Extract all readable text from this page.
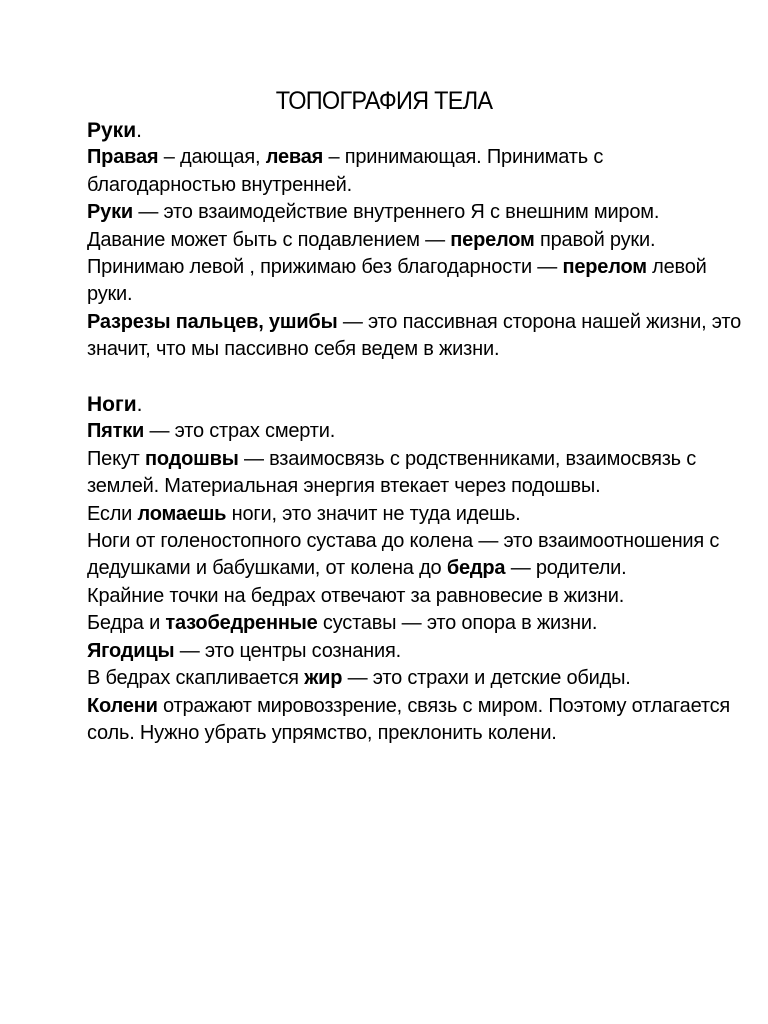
ТОПОГРАФИЯ ТЕЛА
Руки.

Правая – дающая, левая – принимающая. Принимать с благодарностью внутренней.

Руки — это взаимодействие внутреннего Я с внешним миром.

Давание может быть с подавлением — перелом правой руки.

Принимаю левой , прижимаю без благодарности — перелом левой руки.

Разрезы пальцев, ушибы — это пассивная сторона нашей жизни, это значит, что мы пассивно себя ведем в жизни.

Ноги.

Пятки — это страх смерти.

Пекут подошвы — взаимосвязь с родственниками, взаимосвязь с землей. Материальная энергия втекает через подошвы.

Если ломаешь ноги, это значит не туда идешь.

Ноги от голеностопного сустава до колена — это взаимоотношения с дедушками и бабушками, от колена до бедра — родители.

Крайние точки на бедрах отвечают за равновесие в жизни.

Бедра и тазобедренные суставы — это опора в жизни.

Ягодицы — это центры сознания.

В бедрах скапливается жир — это страхи и детские обиды.

Колени отражают мировоззрение, связь с миром. Поэтому отлагается соль. Нужно убрать упрямство, преклонить колени.
